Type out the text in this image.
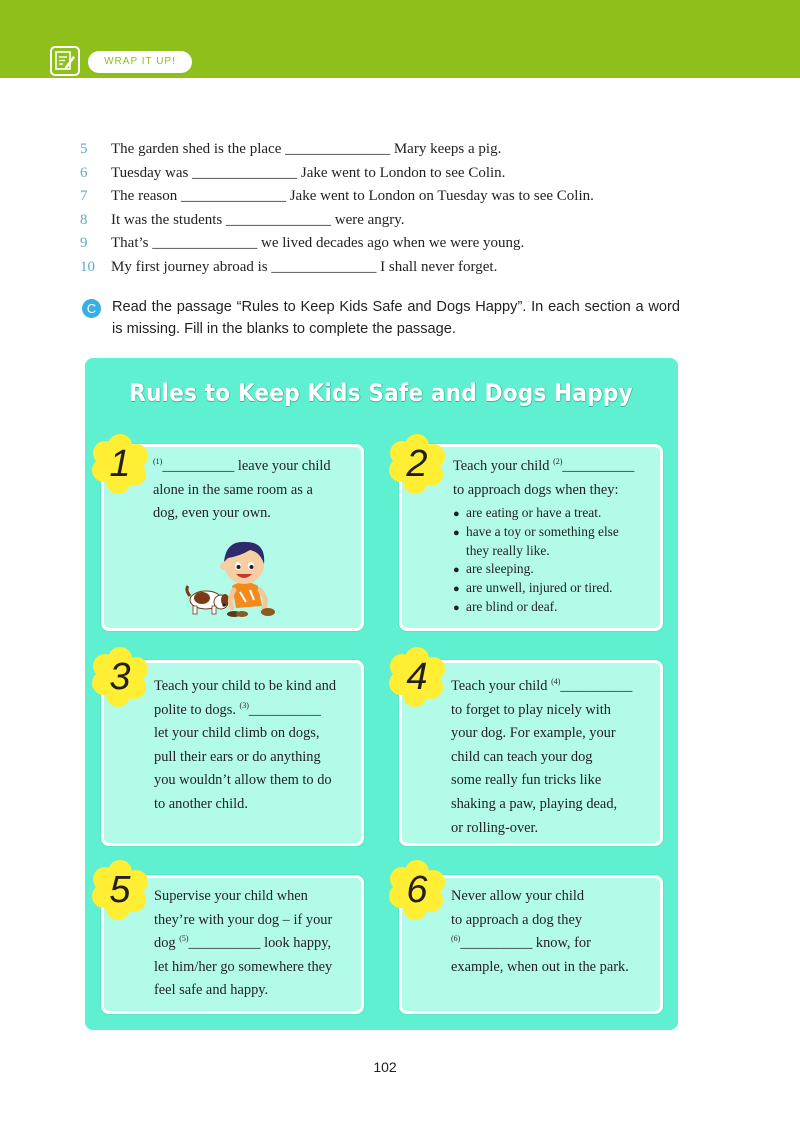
WRAP IT UP!
5 The garden shed is the place ______________ Mary keeps a pig.
6 Tuesday was ______________ Jake went to London to see Colin.
7 The reason ______________ Jake went to London on Tuesday was to see Colin.
8 It was the students ______________ were angry.
9 That’s ______________ we lived decades ago when we were young.
10 My first journey abroad is ______________ I shall never forget.
C	Read the passage “Rules to Keep Kids Safe and Dogs Happy”. In each section a word is missing. Fill in the blanks to complete the passage.

Rules to Keep Kids Safe and Dogs Happy
$^{(1)}$__________ leave your child
alone in the same room as a
dog, even your own.
Teach your child $^{(2)}$__________
to approach dogs when they:
● are eating or have a treat.
● have a toy or something else
they really like.
● are sleeping.
● are unwell, injured or tired.
● are blind or deaf.
Teach your child to be kind and
polite to dogs. $^{(3)}$__________
let your child climb on dogs,
pull their ears or do anything
you wouldn’t allow them to do
to another child.
Teach your child $^{(4)}$__________
to forget to play nicely with
your dog. For example, your
child can teach your dog
some really fun tricks like
shaking a paw, playing dead,
or rolling-over.
Supervise your child when
they’re with your dog – if your
dog $^{(5)}$__________ look happy,
let him/her go somewhere they
feel safe and happy.
Never allow your child
to approach a dog they
$^{(6)}$__________ know, for
example, when out in the park.
1	2
3	4
5	6
102
